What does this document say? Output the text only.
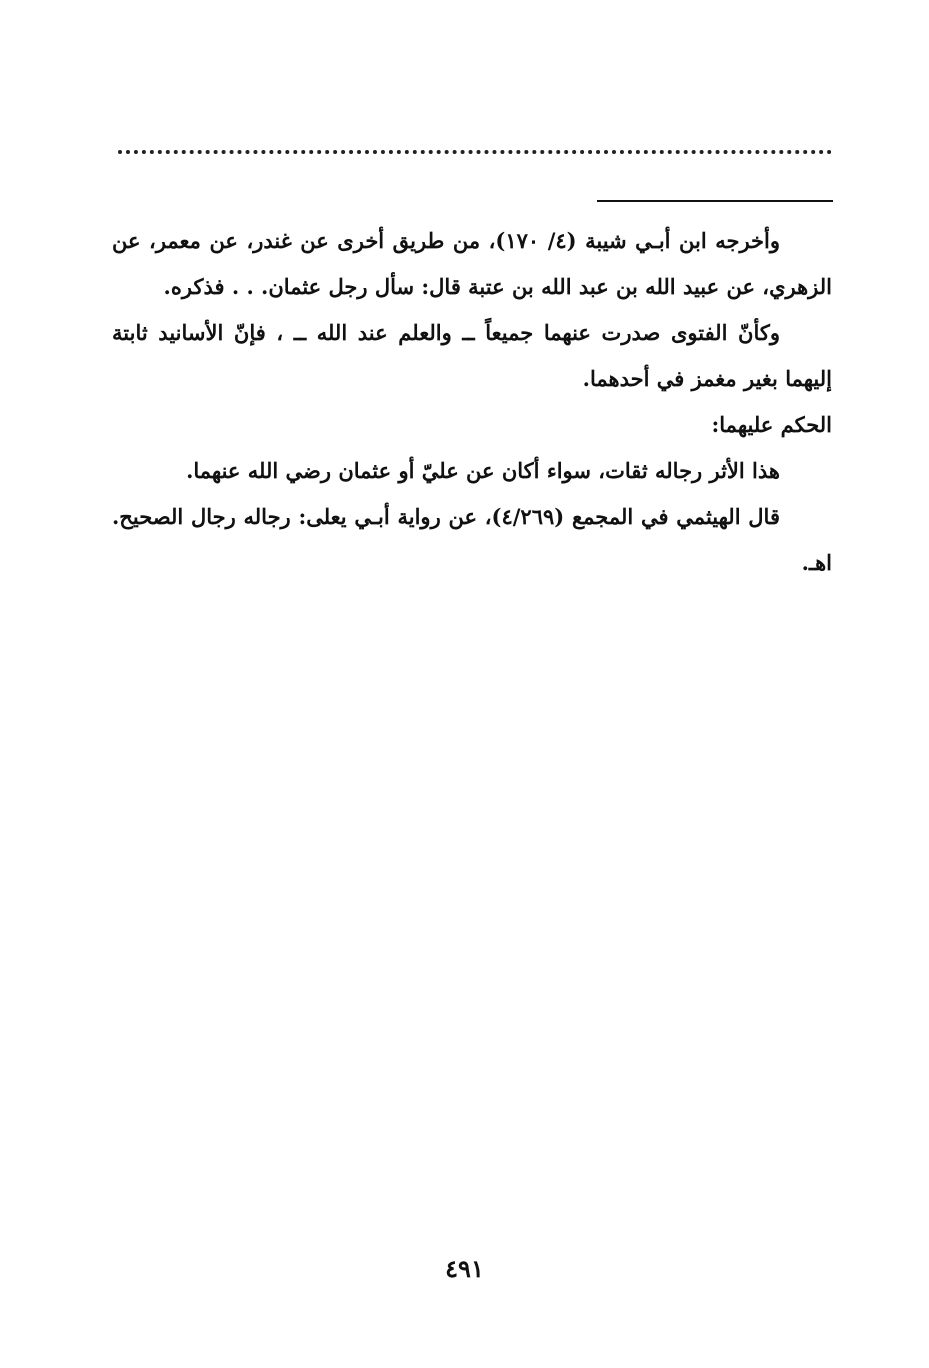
وأخرجه ابن أبـي شيبة (٤/ ١٧٠)، من طريق أخرى عن غندر، عن معمر، عن الزهري، عن عبيد الله بن عبد الله بن عتبة قال: سأل رجل عثمان. . . فذكره.

وكأنّ الفتوى صدرت عنهما جميعاً ــ والعلم عند الله ــ ، فإنّ الأسانيد ثابتة إليهما بغير مغمز في أحدهما.

الحكم عليهما:

هذا الأثر رجاله ثقات، سواء أكان عن عليّ أو عثمان رضي الله عنهما.

قال الهيثمي في المجمع (٤/٢٦٩)، عن رواية أبـي يعلى: رجاله رجال الصحيح. اهـ.

٤٩١
